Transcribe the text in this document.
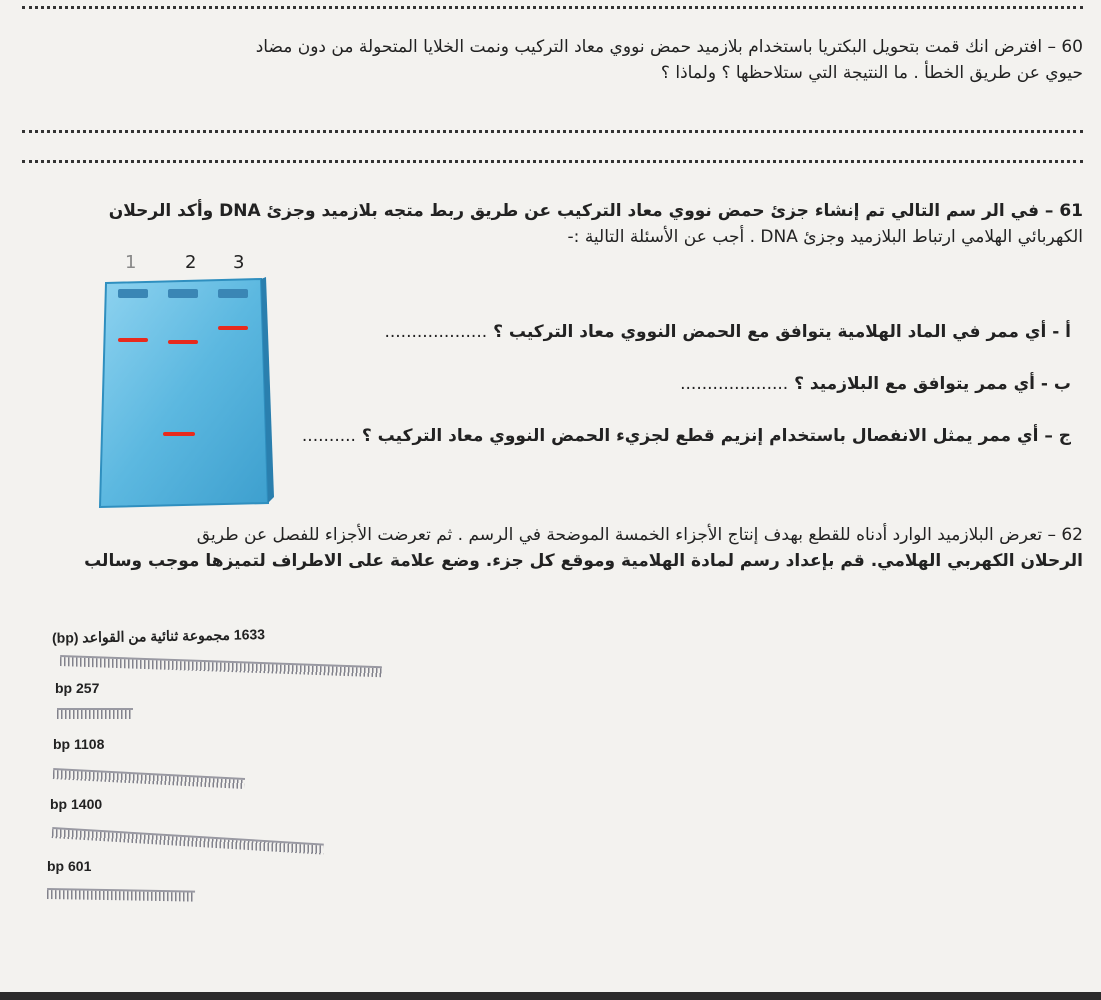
60 – افترض انك قمت بتحويل البكتريا باستخدام بلازميد حمض نووي معاد التركيب ونمت الخلايا المتحولة من دون مضاد
حيوي عن طريق الخطأ . ما النتيجة التي ستلاحظها ؟ ولماذا ؟
61 – في الر سم التالي تم إنشاء جزئ حمض نووي معاد التركيب عن طريق ربط متجه بلازميد وجزئ DNA وأكد الرحلان
الكهربائي الهلامي ارتباط البلازميد وجزئ DNA . أجب عن الأسئلة التالية :-
1	2 3
أ - أي ممر في الماد الهلامية يتوافق مع الحمض النووي معاد التركيب ؟ ...................
ب - أي ممر يتوافق مع البلازميد ؟ ....................
ج – أي ممر يمثل الانفصال باستخدام إنزيم قطع لجزيء الحمض النووي معاد التركيب ؟ ..........
62 – تعرض البلازميد الوارد أدناه للقطع بهدف إنتاج الأجزاء الخمسة الموضحة في الرسم . ثم تعرضت الأجزاء للفصل عن طريق
الرحلان الكهربي الهلامي. قم بإعداد رسم لمادة الهلامية وموقع كل جزء. وضع علامة على الاطراف لتميزها موجب وسالب
1633 مجموعة ثنائية من القواعد (bp)
bp 257
bp 1108
bp 1400
bp 601
